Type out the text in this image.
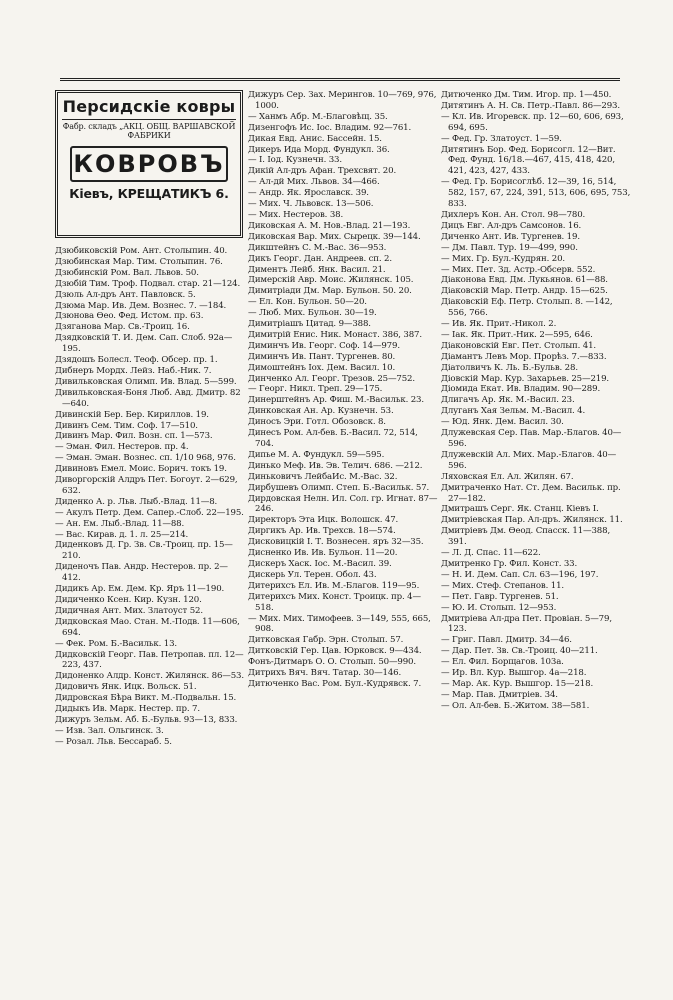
Персидскiе ковры
Фабр. складъ „АКЦ. ОБЩ. ВАРШАВСКОЙ ФАБРИКИ
КОВРОВЪ
Кiевъ, КРЕЩАТИКЪ 6.

Дзюбиковскiй Ром. Ант. Столыпин. 40.

Дзюбинская Мар. Тим. Столыпин. 76.

Дзюбинскiй Ром. Вал. Львов. 50.

Дзюбiй Тим. Троф. Подвал. стар. 21—124.

Дзюль Ал-дръ Ант. Павловск. 5.

Дзюма Мар. Ив. Дем. Вознес. 7. —184.

Дзюнова Өеo. Фед. Истом. пр. 63.

Дзяганова Мар. Св.-Троиц. 16.

Дзядковскiй Т. И. Дем. Сап. Слоб. 92а—195.

Дзядошъ Болесл. Теоф. Обсер. пр. 1.

Дибнеръ Мордх. Лейз. Наб.-Ник. 7.

Дивильковская Олимп. Ив. Влад. 5—599.

Дивильковская-Боня Люб. Авд. Дмитр. 82—640.

Дивинскiй Бер. Бер. Кириллов. 19.

Дивинъ Сем. Тим. Соф. 17—510.

Дивинъ Мар. Фил. Возн. сп. 1—573.

— Эман. Фил. Нестеров. пр. 4.

— Эман. Эман. Вознес. сп. 1/10 968, 976.

Дивиновъ Емел. Моис. Борич. токъ 19.

Диворгорскiй Алдръ Пет. Богоут. 2—629, 632.

Диденко А. р. Льв. Лыб.-Влад. 11—8.

— Акулъ Петр. Дем. Сапер.-Слоб. 22—195.

— Ан. Ем. Лыб.-Влад. 11—88.

— Вас. Кирав. д. 1. л. 25—214.

Диденковъ Д. Гр. Зв. Св.-Троиц. пр. 15—210.

Диденочъ Пав. Андр. Нестеров. пр. 2—412.

Дидикъ Ар. Ем. Дем. Кр. Яръ 11—190.

Дидиченко Ксен. Кир. Кузн. 120.

Дидичная Ант. Мих. Златоуст 52.

Дидковская Мао. Стан. М.-Подв. 11—606, 694.

— Фек. Ром. Б.-Васильк. 13.

Дидковскiй Георг. Пав. Петропав. пл. 12—223, 437.

Дидоненко Алдр. Конст. Жилянск. 86—53.

Дидовичъ Янк. Ицк. Вольск. 51.

Дидровская Бѣра Викт. М.-Подвальн. 15.

Дидыкъ Ив. Марк. Нестер. пр. 7.

Дижуръ Зельм. Аб. Б.-Бульв. 93—13, 833.

— Изв. Зал. Ольгинск. 3.

— Розал. Льв. Бессараб. 5.

Дижуръ Сер. Зах. Мерингов. 10—769, 976, 1000.

— Ханмъ Абр. М.-Благовѣщ. 35.

Дизенгофъ Ис. Iос. Владим. 92—761.

Дикая Евд. Анис. Бассейн. 15.

Дикеръ Ида Морд. Фундукл. 36.

— I. Iод. Кузнечн. 33.

Дикiй Ал-дръ Афан. Трехсвят. 20.

— Ал-дй Мих. Львов. 34—466.

— Андр. Як. Ярославск. 39.

— Мих. Ч. Львовск. 13—506.

— Мих. Нестеров. 38.

Диковская А. М. Нов.-Влад. 21—193.

Диковская Вар. Мих. Сырецк. 39—144.

Дикштейнъ С. М.-Вас. 36—953.

Дикъ Георг. Дан. Андреев. сп. 2.

Диментъ Лейб. Янк. Васил. 21.

Димерскiй Авр. Моис. Жилянск. 105.

Димитрiади Дм. Мар. Бульон. 50. 20.

— Ел. Кон. Бульон. 50—20.

— Люб. Мих. Бульон. 30—19.

Димитрiашъ Цитад. 9—388.

Димитрiй Енис. Ник. Монаст. 386, 387.

Диминчъ Ив. Георг. Соф. 14—979.

Диминчъ Ив. Пант. Тургенев. 80.

Димоштейнъ Iох. Дем. Васил. 10.

Динченко Ал. Георг. Трезов. 25—752.

— Георг. Никл. Треп. 29—175.

Динерштейнъ Ар. Фиш. М.-Васильк. 23.

Динковская Ан. Ар. Кузнечн. 53.

Диносъ Эри. Готл. Обозовск. 8.

Динесъ Ром. Ал-бев. Б.-Васил. 72, 514, 704.

Дипье М. А. Фундукл. 59—595.

Динько Меф. Ив. Эв. Телич. 686. —212.

Диньковичъ ЛейбаИс. М.-Вас. 32.

Дирбушевъ Олимп. Степ. Б.-Васильк. 57.

Дирдовская Нелн. Ил. Сол. гр. Игнат. 87—246.

Директоръ Эта Ицк. Волошск. 47.

Диргикъ Ар. Ив. Трехсв. 18—574.

Дисковицкiй I. Т. Вознесен. яръ 32—35.

Дисненко Ив. Ив. Бульон. 11—20.

Дискеръ Хаск. Iос. М.-Васил. 39.

Дискерь Ул. Терен. Обол. 43.

Дитерихсъ Ел. Ив. М.-Благов. 119—95.

Дитерихсъ Мих. Конст. Троицк. пр. 4—518.

— Мих. Мих. Тимофеев. 3—149, 555, 665, 908.

Дитковская Габр. Эрн. Столып. 57.

Дитковскiй Гер. Цав. Юрковск. 9—434.

Фонъ-Дитмаръ О. О. Столып. 50—990.

Дитрихъ Вяч. Вяч. Татар. 30—146.

Дитюченко Вас. Ром. Бул.-Кудрявск. 7.

Дитюченко Дм. Тим. Игор. пр. 1—450.

Дитятинъ А. Н. Св. Петр.-Павл. 86—293.

— Кл. Ив. Игоревск. пр. 12—60, 606, 693, 694, 695.

— Фед. Гр. Златоуст. 1—59.

Дитятинъ Бор. Фед. Борисогл. 12—Вит. Фед. Фунд. 16/18.—467, 415, 418, 420, 421, 423, 427, 433.

— Фед. Гр. Борисоглѣб. 12—39, 16, 514, 582, 157, 67, 224, 391, 513, 606, 695, 753, 833.

Дихлеръ Кон. Ан. Стол. 98—780.

Дицъ Евг. Ал-дръ Самсонов. 16.

Диченко Ант. Ив. Тургенев. 19.

— Дм. Павл. Тур. 19—499, 990.

— Мих. Гр. Бул.-Кудрян. 20.

— Мих. Пет. Зд. Астр.-Обсерв. 552.

Дiаконова Евд. Дм. Лукьянов. 61—88.

Дiаковскiй Мар. Петр. Андр. 15—625.

Дiаковскiй Еф. Петр. Столып. 8. —142, 556, 766.

— Ив. Як. Прит.-Никол. 2.

— Iак. Як. Прит.-Ник. 2—595, 646.

Дiаконовскiй Евг. Пет. Столып. 41.

Дiамантъ Левъ Мор. Прорѣз. 7.—833.

Дiатолвичъ К. Ль. Б.-Бульв. 28.

Дiовскiй Мар. Кур. Захарьев. 25—219.

Дiомида Екат. Ив. Владим. 90—289.

Длигачъ Ар. Як. М.-Васил. 23.

Длуганъ Хая Зельм. М.-Васил. 4.

— Юд. Янк. Дем. Васил. 30.

Длужевская Сер. Пав. Мар.-Благов. 40—596.

Длужевскiй Ал. Мих. Мар.-Благов. 40—596.

Ляховская Ел. Ал. Жилян. 67.

Дмитраченко Нат. Ст. Дем. Васильк. пр. 27—182.

Дмитрашъ Серг. Як. Станц. Кiевъ I.

Дмитрiевская Пар. Ал-дръ. Жилянск. 11.

Дмитрiевъ Дм. Өеод. Спасск. 11—388, 391.

— Л. Д. Спас. 11—622.

Дмитренко Гр. Фил. Конст. 33.

— Н. И. Дем. Сап. Сл. 63—196, 197.

— Мих. Стеф. Степанов. 11.

— Пет. Гавр. Тургенев. 51.

— Ю. И. Столып. 12—953.

Дмитрiева Ал-дра Пет. Провiан. 5—79, 123.

— Григ. Павл. Дмитр. 34—46.

— Дар. Пет. Зв. Св.-Троиц. 40—211.

— Ел. Фил. Борщагов. 103а.

— Ир. Вл. Кур. Вышгор. 4а—218.

— Мар. Ак. Кур. Вышгор. 15—218.

— Мар. Пав. Дмитрiев. 34.

— Ол. Ал-бев. Б.-Житом. 38—581.
